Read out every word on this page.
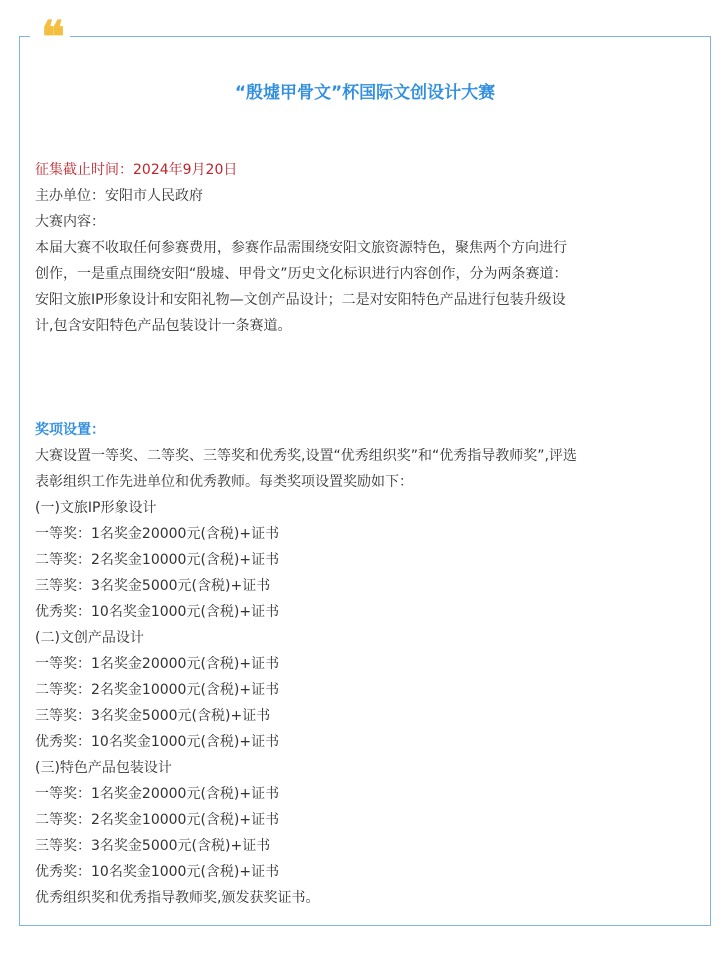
❝
“殷墟甲骨文”杯国际文创设计大赛
征集截止时间：2024年9月20日
主办单位：安阳市人民政府
大赛内容：
本届大赛不收取任何参赛费用，参赛作品需围绕安阳文旅资源特色，聚焦两个方向进行
创作，一是重点围绕安阳“殷墟、甲骨文”历史文化标识进行内容创作，分为两条赛道：
安阳文旅IP形象设计和安阳礼物—文创产品设计；二是对安阳特色产品进行包装升级设
计,包含安阳特色产品包装设计一条赛道。
奖项设置：
大赛设置一等奖、二等奖、三等奖和优秀奖,设置“优秀组织奖”和“优秀指导教师奖”,评选
表彰组织工作先进单位和优秀教师。每类奖项设置奖励如下：
(一)文旅IP形象设计
一等奖：1名奖金20000元(含税)+证书
二等奖：2名奖金10000元(含税)+证书
三等奖：3名奖金5000元(含税)+证书
优秀奖：10名奖金1000元(含税)+证书
(二)文创产品设计
一等奖：1名奖金20000元(含税)+证书
二等奖：2名奖金10000元(含税)+证书
三等奖：3名奖金5000元(含税)+证书
优秀奖：10名奖金1000元(含税)+证书
(三)特色产品包装设计
一等奖：1名奖金20000元(含税)+证书
二等奖：2名奖金10000元(含税)+证书
三等奖：3名奖金5000元(含税)+证书
优秀奖：10名奖金1000元(含税)+证书
优秀组织奖和优秀指导教师奖,颁发获奖证书。
